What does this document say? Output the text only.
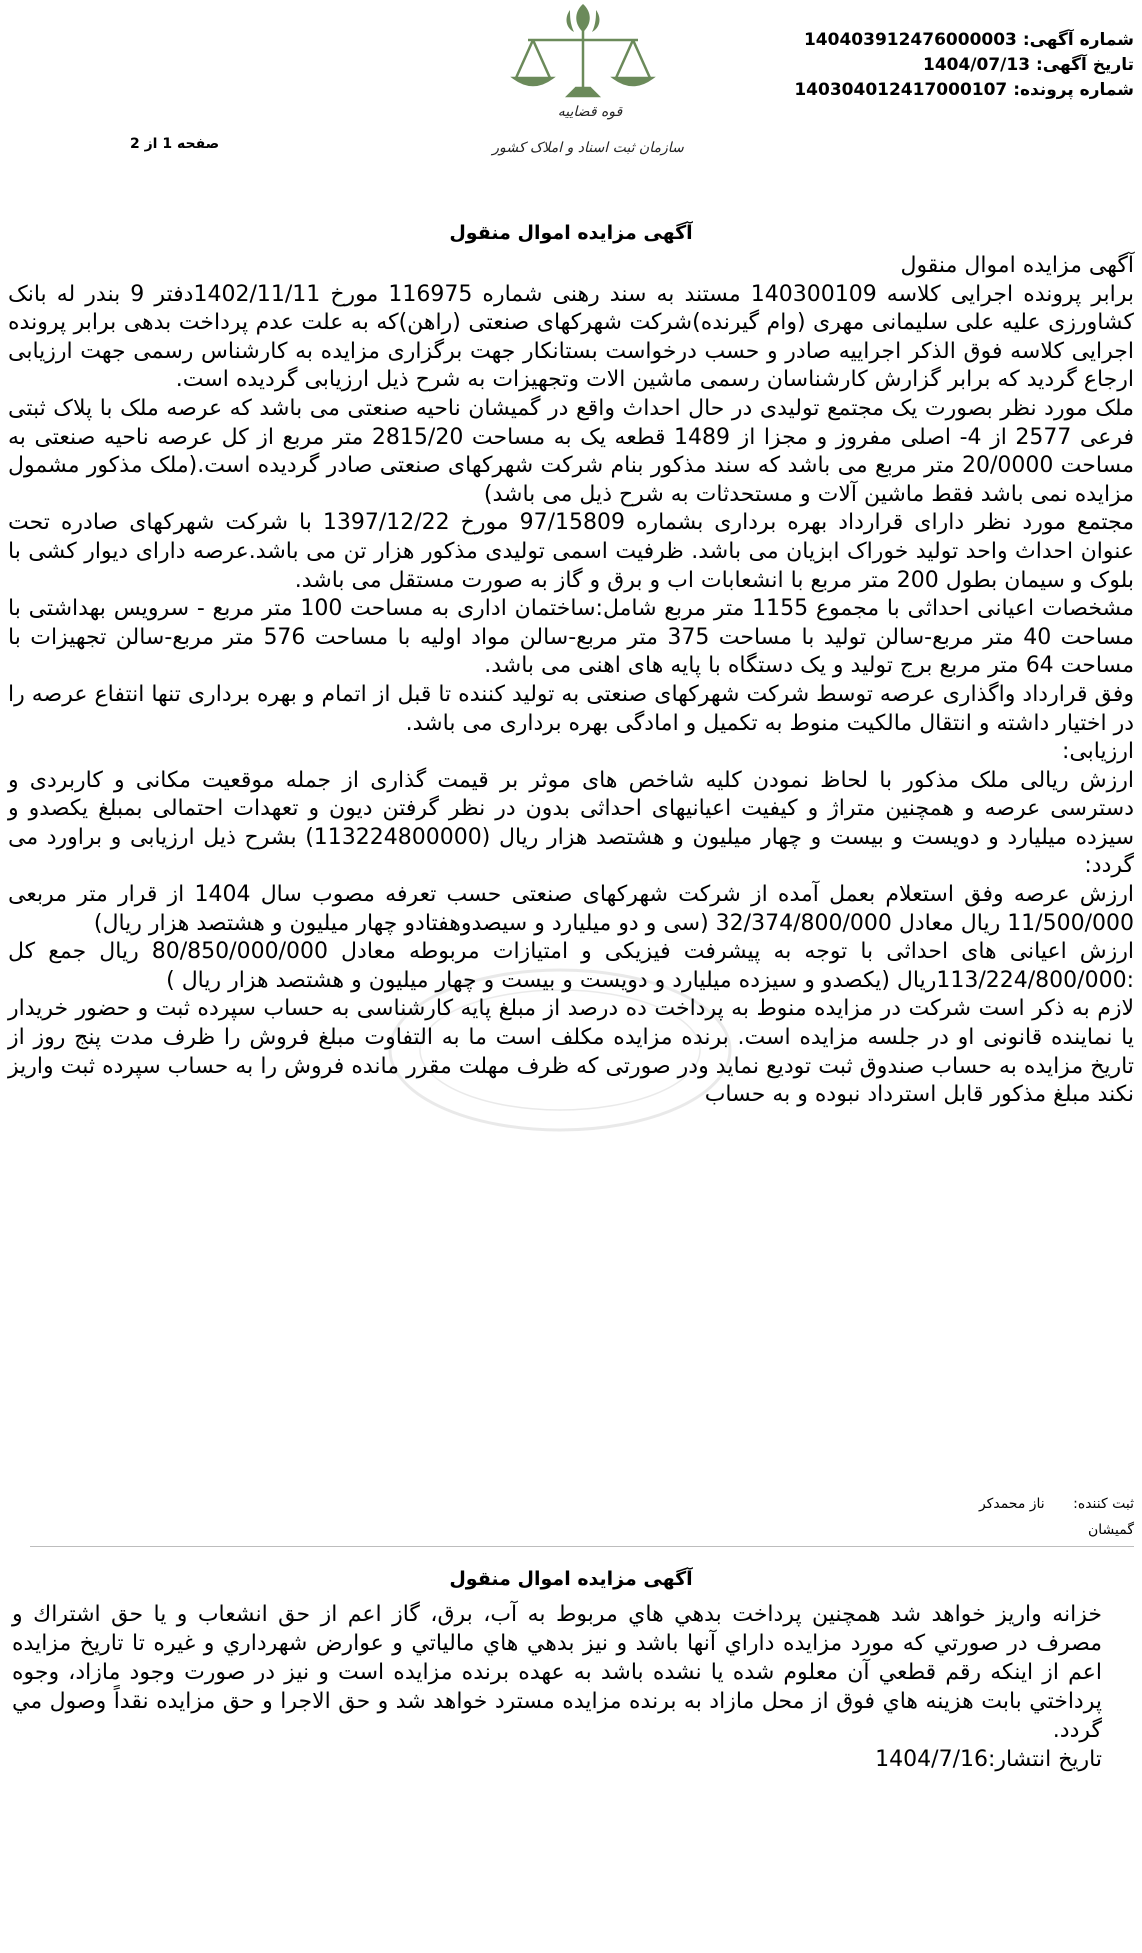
شماره آگهی: 140403912476000003
تاریخ آگهی: 1404/07/13
شماره پرونده: 140304012417000107
قوه قضاییه
سازمان ثبت اسناد و املاک کشور
صفحه 1 از 2
آگهی مزایده اموال منقول

آگهی مزایده اموال منقول

برابر پرونده اجرایی کلاسه 140300109 مستند به سند رهنی شماره 116975 مورخ 1402/11/11دفتر 9 بندر له بانک کشاورزی علیه علی سلیمانی مهری (وام گیرنده)شرکت شهرکهای صنعتی (راهن)که به علت عدم پرداخت بدهی برابر پرونده اجرایی کلاسه فوق الذکر اجراییه صادر و حسب درخواست بستانکار جهت برگزاری مزایده به کارشناس رسمی جهت ارزیابی ارجاع گردید که برابر گزارش کارشناسان رسمی ماشین الات وتجهیزات به شرح ذیل ارزیابی گردیده است.

ملک مورد نظر بصورت یک مجتمع تولیدی در حال احداث واقع در گمیشان ناحیه صنعتی می باشد که عرصه ملک با پلاک ثبتی فرعی 2577 از 4- اصلی مفروز و مجزا از 1489 قطعه یک به مساحت 2815/20 متر مربع از کل عرصه ناحیه صنعتی به مساحت 20/0000 متر مربع می باشد که سند مذکور بنام شرکت شهرکهای صنعتی صادر گردیده است.(ملک مذکور مشمول مزایده نمی باشد فقط ماشین آلات و مستحدثات به شرح ذیل می باشد)

مجتمع مورد نظر دارای قرارداد بهره برداری بشماره 97/15809 مورخ 1397/12/22 با شرکت شهرکهای صادره تحت عنوان احداث واحد تولید خوراک ابزیان می باشد. ظرفیت اسمی تولیدی مذکور هزار تن می باشد.عرصه دارای دیوار کشی با بلوک و سیمان بطول 200 متر مربع با انشعابات اب و برق و گاز به صورت مستقل می باشد.

مشخصات اعیانی احداثی با مجموع 1155 متر مربع شامل:ساختمان اداری به مساحت 100 متر مربع - سرویس بهداشتی با مساحت 40 متر مربع-سالن تولید با مساحت 375 متر مربع-سالن مواد اولیه با مساحت 576 متر مربع-سالن تجهیزات با مساحت 64 متر مربع برج تولید و یک دستگاه با پایه های اهنی می باشد.

وفق قرارداد واگذاری عرصه توسط شرکت شهرکهای صنعتی به تولید کننده تا قبل از اتمام و بهره برداری تنها انتفاع عرصه را در اختیار داشته و انتقال مالکیت منوط به تکمیل و امادگی بهره برداری می باشد.

ارزیابی:

ارزش ریالی ملک مذکور با لحاظ نمودن کلیه شاخص های موثر بر قیمت گذاری از جمله موقعیت مکانی و کاربردی و دسترسی عرصه و همچنین متراژ و کیفیت اعیانیهای احداثی بدون در نظر گرفتن دیون و تعهدات احتمالی بمبلغ یکصدو و سیزده میلیارد و دویست و بیست و چهار میلیون و هشتصد هزار ریال (113224800000) بشرح ذیل ارزیابی و براورد می گردد:

ارزش عرصه وفق استعلام بعمل آمده از شرکت شهرکهای صنعتی حسب تعرفه مصوب سال 1404 از قرار متر مربعی 11/500/000 ریال معادل 32/374/800/000 (سی و دو میلیارد و سیصدوهفتادو چهار میلیون و هشتصد هزار ریال)

ارزش اعیانی های احداثی با توجه به پیشرفت فیزیکی و امتیازات مربوطه معادل 80/850/000/000 ریال جمع کل :113/224/800/000ریال (یکصدو و سیزده میلیارد و دویست و بیست و چهار میلیون و هشتصد هزار ریال )

لازم به ذکر است شرکت در مزایده منوط به پرداخت ده درصد از مبلغ پایه کارشناسی به حساب سپرده ثبت و حضور خریدار یا نماینده قانونی او در جلسه مزایده است. برنده مزایده مکلف است ما به التفاوت مبلغ فروش را ظرف مدت پنج روز از تاریخ مزایده به حساب صندوق ثبت تودیع نماید ودر صورتی که ظرف مهلت مقرر مانده فروش را به حساب سپرده ثبت واریز نکند مبلغ مذکور قابل استرداد نبوده و به حساب

ثبت کننده: ناز محمدکر
گمیشان
آگهی مزایده اموال منقول

خزانه واریز خواهد شد همچنین پرداخت بدهي هاي مربوط به آب، برق، گاز اعم از حق انشعاب و يا حق اشتراك و مصرف در صورتي كه مورد مزايده داراي آنها باشد و نيز بدهي هاي مالياتي و عوارض شهرداري و غيره تا تاريخ مزايده اعم از اينكه رقم قطعي آن معلوم شده يا نشده باشد به عهده برنده مزايده است و نيز در صورت وجود مازاد، وجوه پرداختي بابت هزينه هاي فوق از محل مازاد به برنده مزايده مسترد خواهد شد و حق الاجرا و حق مزايده نقداً وصول مي گردد.

تاریخ انتشار:1404/7/16
